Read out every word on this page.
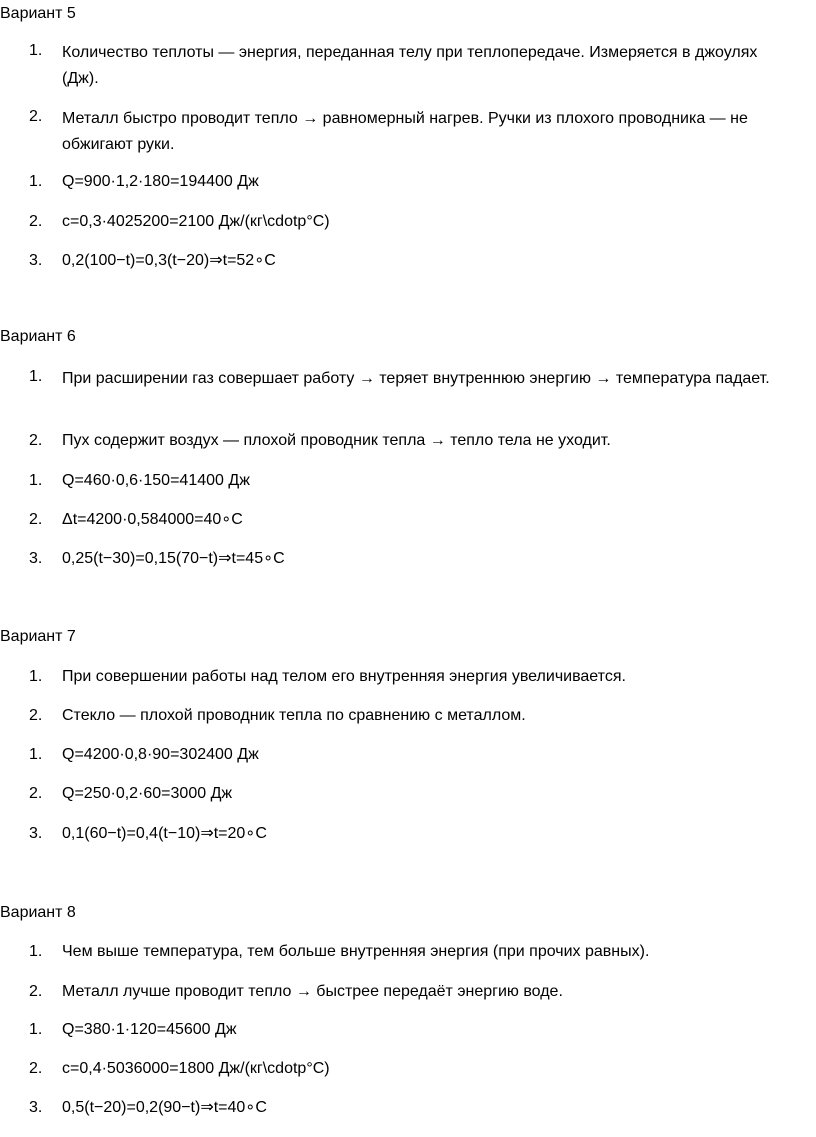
Вариант 5
1. Количество теплоты — энергия, переданная телу при теплопередаче. Измеряется в джоулях (Дж).
2. Металл быстро проводит тепло → равномерный нагрев. Ручки из плохого проводника — не обжигают руки.
1. Q=900·1,2·180=194400 Дж
2. c=0,3·4025200=2100 Дж/(кг\cdotp°C)
3. 0,2(100−t)=0,3(t−20)⇒t=52∘C
Вариант 6
1. При расширении газ совершает работу → теряет внутреннюю энергию → температура падает.
2. Пух содержит воздух — плохой проводник тепла → тепло тела не уходит.
1. Q=460·0,6·150=41400 Дж
2. Δt=4200·0,584000=40∘C
3. 0,25(t−30)=0,15(70−t)⇒t=45∘C
Вариант 7
1. При совершении работы над телом его внутренняя энергия увеличивается.
2. Стекло — плохой проводник тепла по сравнению с металлом.
1. Q=4200·0,8·90=302400 Дж
2. Q=250·0,2·60=3000 Дж
3. 0,1(60−t)=0,4(t−10)⇒t=20∘C
Вариант 8
1. Чем выше температура, тем больше внутренняя энергия (при прочих равных).
2. Металл лучше проводит тепло → быстрее передаёт энергию воде.
1. Q=380·1·120=45600 Дж
2. c=0,4·5036000=1800 Дж/(кг\cdotp°C)
3. 0,5(t−20)=0,2(90−t)⇒t=40∘C
